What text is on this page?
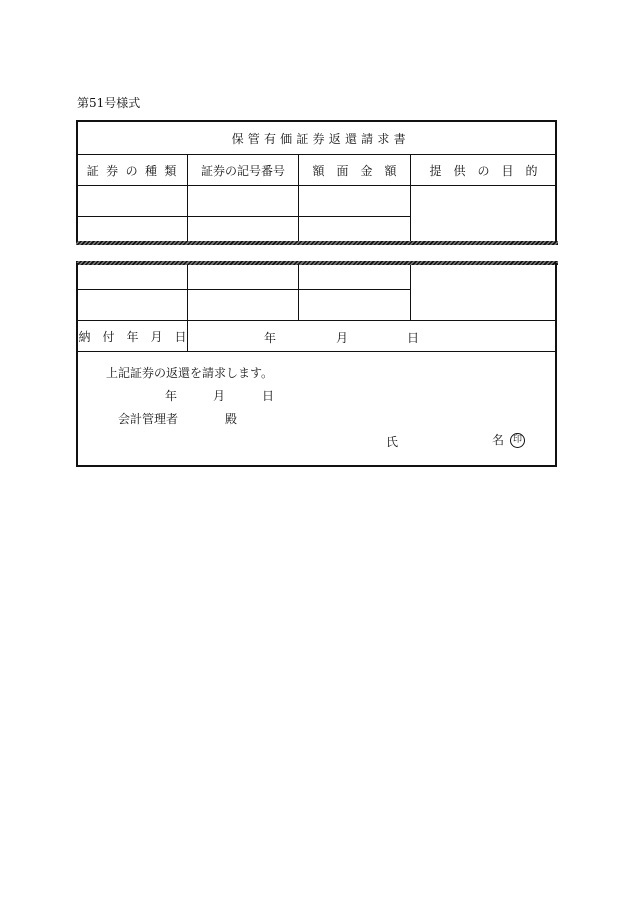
第51号様式
保管有価証券返還請求書
証 券 の 種 類	証券の記号番号	額　面　金　額	提　供　の　目　的
納　付　年　月　日	年	月	日
上記証券の返還を請求します。
年	月	日
会計管理者	殿
氏	名 印
